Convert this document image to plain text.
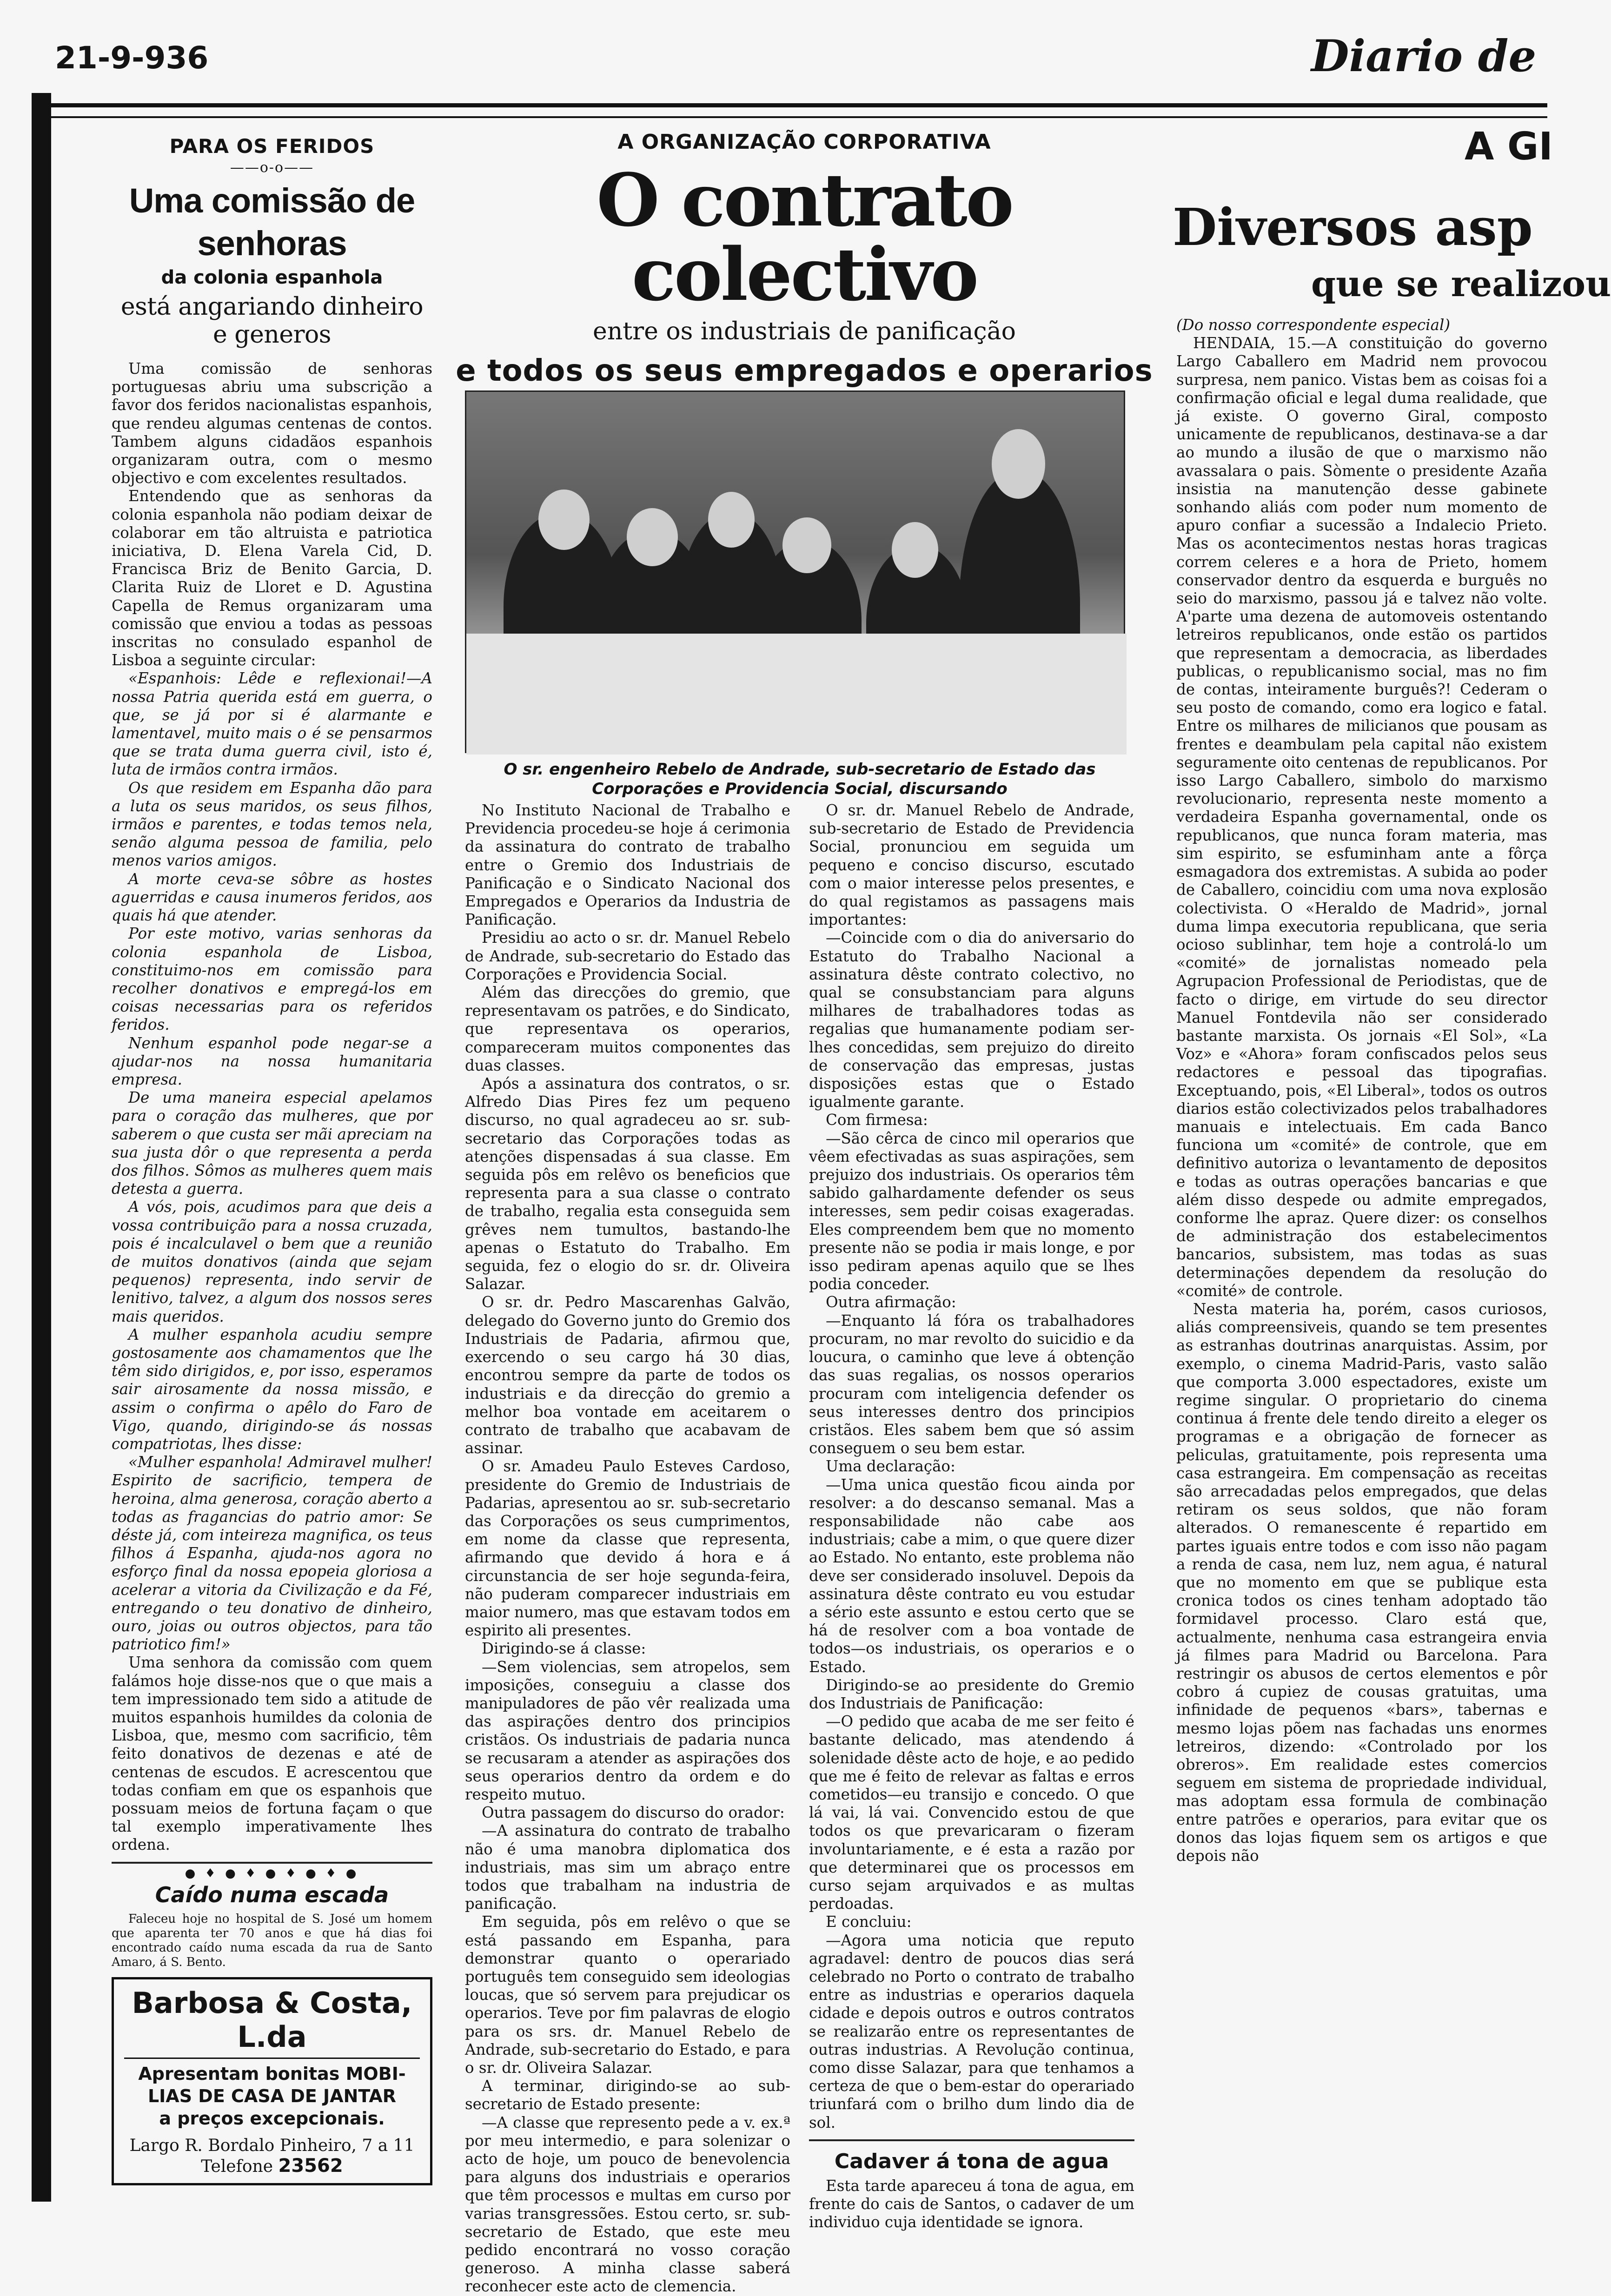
21-9-936	Diario de
PARA OS FERIDOS
——o-o——
Uma comissão de senhoras
da colonia espanhola
está angariando dinheiro e generos

Uma comissão de senhoras portuguesas abriu uma subscrição a favor dos feridos nacionalistas espanhois, que rendeu algumas centenas de contos. Tambem alguns cidadãos espanhois organizaram outra, com o mesmo objectivo e com excelentes resultados.

Entendendo que as senhoras da colonia espanhola não podiam deixar de colaborar em tão altruista e patriotica iniciativa, D. Elena Varela Cid, D. Francisca Briz de Benito Garcia, D. Clarita Ruiz de Lloret e D. Agustina Capella de Remus organizaram uma comissão que enviou a todas as pessoas inscritas no consulado espanhol de Lisboa a seguinte circular:

«Espanhois: Lêde e reflexionai!—A nossa Patria querida está em guerra, o que, se já por si é alarmante e lamentavel, muito mais o é se pensarmos que se trata duma guerra civil, isto é, luta de irmãos contra irmãos.

Os que residem em Espanha dão para a luta os seus maridos, os seus filhos, irmãos e parentes, e todas temos nela, senão alguma pessoa de familia, pelo menos varios amigos.

A morte ceva-se sôbre as hostes aguerridas e causa inumeros feridos, aos quais há que atender.

Por este motivo, varias senhoras da colonia espanhola de Lisboa, constituimo-nos em comissão para recolher donativos e empregá-los em coisas necessarias para os referidos feridos.

Nenhum espanhol pode negar-se a ajudar-nos na nossa humanitaria empresa.

De uma maneira especial apelamos para o coração das mulheres, que por saberem o que custa ser mãi apreciam na sua justa dôr o que representa a perda dos filhos. Sômos as mulheres quem mais detesta a guerra.

A vós, pois, acudimos para que deis a vossa contribuição para a nossa cruzada, pois é incalculavel o bem que a reunião de muitos donativos (ainda que sejam pequenos) representa, indo servir de lenitivo, talvez, a algum dos nossos seres mais queridos.

A mulher espanhola acudiu sempre gostosamente aos chamamentos que lhe têm sido dirigidos, e, por isso, esperamos sair airosamente da nossa missão, e assim o confirma o apêlo do Faro de Vigo, quando, dirigindo-se ás nossas compatriotas, lhes disse:

«Mulher espanhola! Admiravel mulher! Espirito de sacrificio, tempera de heroina, alma generosa, coração aberto a todas as fragancias do patrio amor: Se déste já, com inteireza magnifica, os teus filhos á Espanha, ajuda-nos agora no esforço final da nossa epopeia gloriosa a acelerar a vitoria da Civilização e da Fé, entregando o teu donativo de dinheiro, ouro, joias ou outros objectos, para tão patriotico fim!»

Uma senhora da comissão com quem falámos hoje disse-nos que o que mais a tem impressionado tem sido a atitude de muitos espanhois humildes da colonia de Lisboa, que, mesmo com sacrificio, têm feito donativos de dezenas e até de centenas de escudos. E acrescentou que todas confiam em que os espanhois que possuam meios de fortuna façam o que tal exemplo imperativamente lhes ordena.

● ♦ ● ♦ ● ♦ ● ♦ ●
Caído numa escada

Faleceu hoje no hospital de S. José um homem que aparenta ter 70 anos e que há dias foi encontrado caído numa escada da rua de Santo Amaro, á S. Bento.

Barbosa & Costa, L.da
Apresentam bonitas MOBI-
LIAS DE CASA DE JANTAR
a preços excepcionais.
Largo R. Bordalo Pinheiro, 7 a 11
Telefone 23562
A ORGANIZAÇÃO CORPORATIVA
O contrato colectivo
entre os industriais de panificação
e todos os seus empregados e operarios
O sr. engenheiro Rebelo de Andrade, sub-secretario de Estado das Corporações e Providencia Social, discursando

No Instituto Nacional de Trabalho e Previdencia procedeu-se hoje á cerimonia da assinatura do contrato de trabalho entre o Gremio dos Industriais de Panificação e o Sindicato Nacional dos Empregados e Operarios da Industria de Panificação.

Presidiu ao acto o sr. dr. Manuel Rebelo de Andrade, sub-secretario do Estado das Corporações e Providencia Social.

Além das direcções do gremio, que representavam os patrões, e do Sindicato, que representava os operarios, compareceram muitos componentes das duas classes.

Após a assinatura dos contratos, o sr. Alfredo Dias Pires fez um pequeno discurso, no qual agradeceu ao sr. sub-secretario das Corporações todas as atenções dispensadas á sua classe. Em seguida pôs em relêvo os beneficios que representa para a sua classe o contrato de trabalho, regalia esta conseguida sem grêves nem tumultos, bastando-lhe apenas o Estatuto do Trabalho. Em seguida, fez o elogio do sr. dr. Oliveira Salazar.

O sr. dr. Pedro Mascarenhas Galvão, delegado do Governo junto do Gremio dos Industriais de Padaria, afirmou que, exercendo o seu cargo há 30 dias, encontrou sempre da parte de todos os industriais e da direcção do gremio a melhor boa vontade em aceitarem o contrato de trabalho que acabavam de assinar.

O sr. Amadeu Paulo Esteves Cardoso, presidente do Gremio de Industriais de Padarias, apresentou ao sr. sub-secretario das Corporações os seus cumprimentos, em nome da classe que representa, afirmando que devido á hora e á circunstancia de ser hoje segunda-feira, não puderam comparecer industriais em maior numero, mas que estavam todos em espirito ali presentes.

Dirigindo-se á classe:

—Sem violencias, sem atropelos, sem imposições, conseguiu a classe dos manipuladores de pão vêr realizada uma das aspirações dentro dos principios cristãos. Os industriais de padaria nunca se recusaram a atender as aspirações dos seus operarios dentro da ordem e do respeito mutuo.

Outra passagem do discurso do orador:

—A assinatura do contrato de trabalho não é uma manobra diplomatica dos industriais, mas sim um abraço entre todos que trabalham na industria de panificação.

Em seguida, pôs em relêvo o que se está passando em Espanha, para demonstrar quanto o operariado português tem conseguido sem ideologias loucas, que só servem para prejudicar os operarios. Teve por fim palavras de elogio para os srs. dr. Manuel Rebelo de Andrade, sub-secretario do Estado, e para o sr. dr. Oliveira Salazar.

A terminar, dirigindo-se ao sub-secretario de Estado presente:

—A classe que represento pede a v. ex.ª por meu intermedio, e para solenizar o acto de hoje, um pouco de benevolencia para alguns dos industriais e operarios que têm processos e multas em curso por varias transgressões. Estou certo, sr. sub-secretario de Estado, que este meu pedido encontrará no vosso coração generoso. A minha classe saberá reconhecer este acto de clemencia.

O sr. dr. Manuel Rebelo de Andrade, sub-secretario de Estado de Previdencia Social, pronunciou em seguida um pequeno e conciso discurso, escutado com o maior interesse pelos presentes, e do qual registamos as passagens mais importantes:

—Coincide com o dia do aniversario do Estatuto do Trabalho Nacional a assinatura dêste contrato colectivo, no qual se consubstanciam para alguns milhares de trabalhadores todas as regalias que humanamente podiam ser-lhes concedidas, sem prejuizo do direito de conservação das empresas, justas disposições estas que o Estado igualmente garante.

Com firmesa:

—São cêrca de cinco mil operarios que vêem efectivadas as suas aspirações, sem prejuizo dos industriais. Os operarios têm sabido galhardamente defender os seus interesses, sem pedir coisas exageradas. Eles compreendem bem que no momento presente não se podia ir mais longe, e por isso pediram apenas aquilo que se lhes podia conceder.

Outra afirmação:

—Enquanto lá fóra os trabalhadores procuram, no mar revolto do suicidio e da loucura, o caminho que leve á obtenção das suas regalias, os nossos operarios procuram com inteligencia defender os seus interesses dentro dos principios cristãos. Eles sabem bem que só assim conseguem o seu bem estar.

Uma declaração:

—Uma unica questão ficou ainda por resolver: a do descanso semanal. Mas a responsabilidade não cabe aos industriais; cabe a mim, o que quere dizer ao Estado. No entanto, este problema não deve ser considerado insoluvel. Depois da assinatura dêste contrato eu vou estudar a sério este assunto e estou certo que se há de resolver com a boa vontade de todos—os industriais, os operarios e o Estado.

Dirigindo-se ao presidente do Gremio dos Industriais de Panificação:

—O pedido que acaba de me ser feito é bastante delicado, mas atendendo á solenidade dêste acto de hoje, e ao pedido que me é feito de relevar as faltas e erros cometidos—eu transijo e concedo. O que lá vai, lá vai. Convencido estou de que todos os que prevaricaram o fizeram involuntariamente, e é esta a razão por que determinarei que os processos em curso sejam arquivados e as multas perdoadas.

E concluiu:

—Agora uma noticia que reputo agradavel: dentro de poucos dias será celebrado no Porto o contrato de trabalho entre as industrias e operarios daquela cidade e depois outros e outros contratos se realizarão entre os representantes de outras industrias. A Revolução continua, como disse Salazar, para que tenhamos a certeza de que o bem-estar do operariado triunfará com o brilho dum lindo dia de sol.

Cadaver á tona de agua

Esta tarde apareceu á tona de agua, em frente do cais de Santos, o cadaver de um individuo cuja identidade se ignora.

A GI
Diversos asp
que se realizou

(Do nosso correspondente especial)

HENDAIA, 15.—A constituição do governo Largo Caballero em Madrid nem provocou surpresa, nem panico. Vistas bem as coisas foi a confirmação oficial e legal duma realidade, que já existe. O governo Giral, composto unicamente de republicanos, destinava-se a dar ao mundo a ilusão de que o marxismo não avassalara o pais. Sòmente o presidente Azaña insistia na manutenção desse gabinete sonhando aliás com poder num momento de apuro confiar a sucessão a Indalecio Prieto. Mas os acontecimentos nestas horas tragicas correm celeres e a hora de Prieto, homem conservador dentro da esquerda e burguês no seio do marxismo, passou já e talvez não volte. A'parte uma dezena de automoveis ostentando letreiros republicanos, onde estão os partidos que representam a democracia, as liberdades publicas, o republicanismo social, mas no fim de contas, inteiramente burguês?! Cederam o seu posto de comando, como era logico e fatal. Entre os milhares de milicianos que pousam as frentes e deambulam pela capital não existem seguramente oito centenas de republicanos. Por isso Largo Caballero, simbolo do marxismo revolucionario, representa neste momento a verdadeira Espanha governamental, onde os republicanos, que nunca foram materia, mas sim espirito, se esfuminham ante a fôrça esmagadora dos extremistas. A subida ao poder de Caballero, coincidiu com uma nova explosão colectivista. O «Heraldo de Madrid», jornal duma limpa executoria republicana, que seria ocioso sublinhar, tem hoje a controlá-lo um «comité» de jornalistas nomeado pela Agrupacion Professional de Periodistas, que de facto o dirige, em virtude do seu director Manuel Fontdevila não ser considerado bastante marxista. Os jornais «El Sol», «La Voz» e «Ahora» foram confiscados pelos seus redactores e pessoal das tipografias. Exceptuando, pois, «El Liberal», todos os outros diarios estão colectivizados pelos trabalhadores manuais e intelectuais. Em cada Banco funciona um «comité» de controle, que em definitivo autoriza o levantamento de depositos e todas as outras operações bancarias e que além disso despede ou admite empregados, conforme lhe apraz. Quere dizer: os conselhos de administração dos estabelecimentos bancarios, subsistem, mas todas as suas determinações dependem da resolução do «comité» de controle.

Nesta materia ha, porém, casos curiosos, aliás compreensiveis, quando se tem presentes as estranhas doutrinas anarquistas. Assim, por exemplo, o cinema Madrid-Paris, vasto salão que comporta 3.000 espectadores, existe um regime singular. O proprietario do cinema continua á frente dele tendo direito a eleger os programas e a obrigação de fornecer as peliculas, gratuitamente, pois representa uma casa estrangeira. Em compensação as receitas são arrecadadas pelos empregados, que delas retiram os seus soldos, que não foram alterados. O remanescente é repartido em partes iguais entre todos e com isso não pagam a renda de casa, nem luz, nem agua, é natural que no momento em que se publique esta cronica todos os cines tenham adoptado tão formidavel processo. Claro está que, actualmente, nenhuma casa estrangeira envia já filmes para Madrid ou Barcelona. Para restringir os abusos de certos elementos e pôr cobro á cupiez de cousas gratuitas, uma infinidade de pequenos «bars», tabernas e mesmo lojas põem nas fachadas uns enormes letreiros, dizendo: «Controlado por los obreros». Em realidade estes comercios seguem em sistema de propriedade individual, mas adoptam essa formula de combinação entre patrões e operarios, para evitar que os donos das lojas fiquem sem os artigos e que depois não
